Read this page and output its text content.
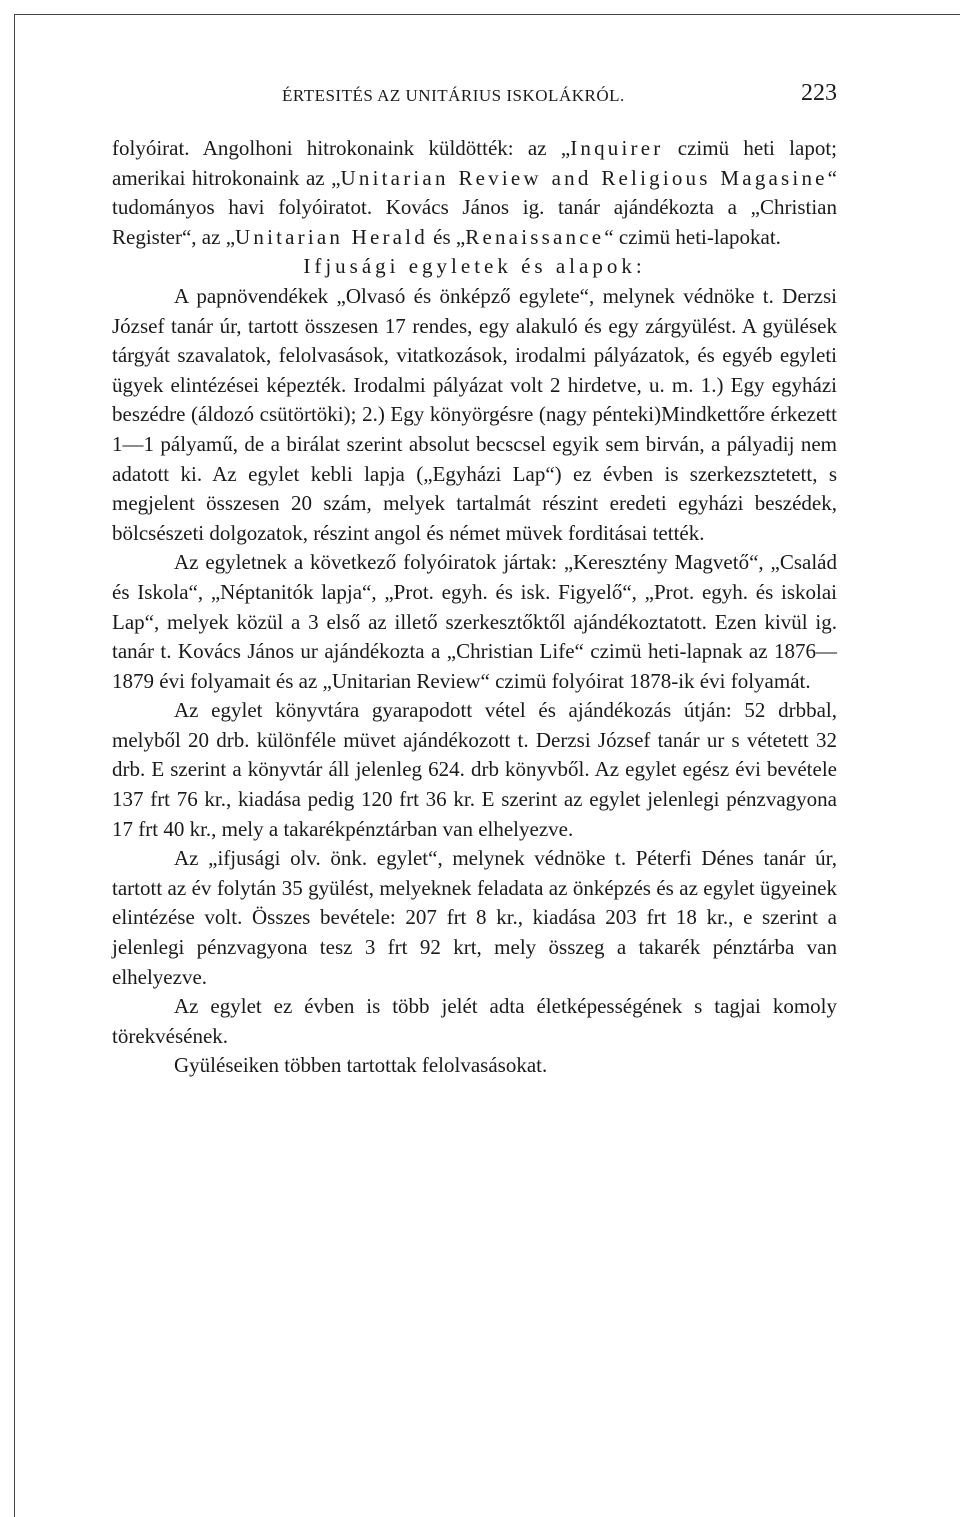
ÉRTESITÉS AZ UNITÁRIUS ISKOLÁKRÓL.	223

folyóirat. Angolhoni hitrokonaink küldötték: az „Inquirer czimü heti lapot; amerikai hitrokonaink az „Unitarian Review and Religious Magasine“ tudományos havi folyóiratot. Kovács János ig. tanár ajándékozta a „Christian Register“, az „Unitarian Herald és „Renaissance“ czimü heti-lapokat.

Ifjusági egyletek és alapok:

A papnövendékek „Olvasó és önképző egylete“, melynek védnöke t. Derzsi József tanár úr, tartott összesen 17 rendes, egy alakuló és egy zárgyülést. A gyülések tárgyát szavalatok, felolvasások, vitatkozások, irodalmi pályázatok, és egyéb egyleti ügyek elintézései képezték. Irodalmi pályázat volt 2 hirdetve, u. m. 1.) Egy egyházi beszédre (áldozó csütörtöki); 2.) Egy könyörgésre (nagy pénteki)Mindkettőre érkezett 1—1 pályamű, de a birálat szerint absolut becscsel egyik sem birván, a pályadij nem adatott ki. Az egylet kebli lapja („Egyházi Lap“) ez évben is szerkezsztetett, s megjelent összesen 20 szám, melyek tartalmát részint eredeti egyházi beszédek, bölcsészeti dolgozatok, részint angol és német müvek forditásai tették.

Az egyletnek a következő folyóiratok jártak: „Keresztény Magvető“, „Család és Iskola“, „Néptanitók lapja“, „Prot. egyh. és isk. Figyelő“, „Prot. egyh. és iskolai Lap“, melyek közül a 3 első az illető szerkesztőktől ajándékoztatott. Ezen kivül ig. tanár t. Kovács János ur ajándékozta a „Christian Life“ czimü heti-lapnak az 1876—1879 évi folyamait és az „Unitarian Review“ czimü folyóirat 1878-ik évi folyamát.

Az egylet könyvtára gyarapodott vétel és ajándékozás útján: 52 drbbal, melyből 20 drb. különféle müvet ajándékozott t. Derzsi József tanár ur s vétetett 32 drb. E szerint a könyvtár áll jelenleg 624. drb könyvből. Az egylet egész évi bevétele 137 frt 76 kr., kiadása pedig 120 frt 36 kr. E szerint az egylet jelenlegi pénzvagyona 17 frt 40 kr., mely a takarékpénztárban van elhelyezve.

Az „ifjusági olv. önk. egylet“, melynek védnöke t. Péterfi Dénes tanár úr, tartott az év folytán 35 gyülést, melyeknek feladata az önképzés és az egylet ügyeinek elintézése volt. Összes bevétele: 207 frt 8 kr., kiadása 203 frt 18 kr., e szerint a jelenlegi pénzvagyona tesz 3 frt 92 krt, mely összeg a takarék pénztárba van elhelyezve.

Az egylet ez évben is több jelét adta életképességének s tagjai komoly törekvésének.

Gyüléseiken többen tartottak felolvasásokat.
